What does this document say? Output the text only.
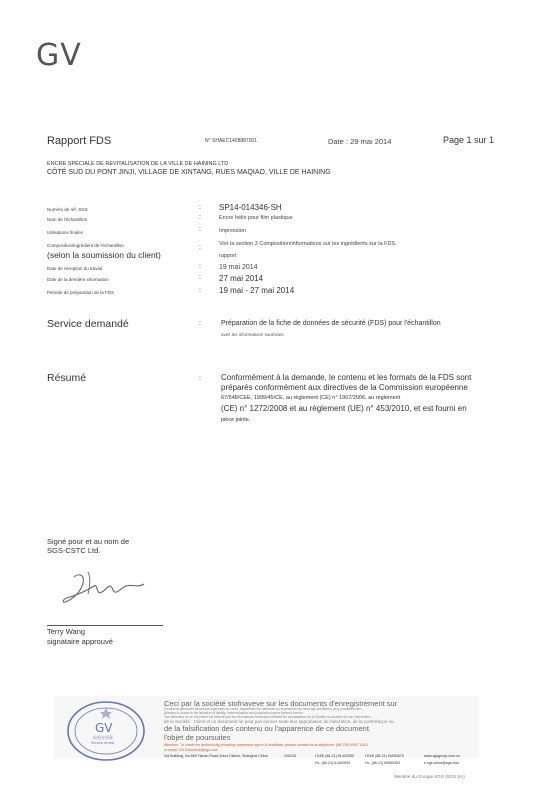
GV
Rapport FDS	N° SHAEC1408887001	Date : 29 mai 2014	Page 1 sur 1
ENCRE SPÉCIALE DE REVITALISATION DE LA VILLE DE HAINING LTD
CÔTÉ SUD DU PONT JINJI, VILLAGE DE XINTANG, RUES MAQIAO, VILLE DE HAINING
Numéro de réf. SGS	: SP14-014346-SH
Nom de l'échantillon	:	Encre hélio pour film plastique
Utilisations finales	:	Impression
Composition/ingrédient de l'échantillon	:	Voir la section 3 Composition/informations sur les ingrédients sur la FDS.
(selon la soumission du client)	rapport
Date de réception du travail	:	19 mai 2014
Date de la dernière information	: 27 mai 2014
Période de préparation de la FDS	: 19 mai - 27 mai 2014
Service demandé	:	Préparation de la fiche de données de sécurité (FDS) pour l'échantillon
avec les informations soumises.
Résumé	:	Conformément à la demande, le contenu et les formats de la FDS sont
préparés conformément aux directives de la Commission européenne
67/548/CEE, 1999/45/CE, au règlement (CE) n° 1907/2006, au règlement
(CE) n° 1272/2008 et au règlement (UE) n° 453/2010, et est fourni en
pièce jointe.
Signé pour et au nom de
SGS-CSTC Ltd.
Terry Wang
signataire approuvé
GV
检验专用章
Service de test
Ceci par la société stofnaveve sur les documents d'enregistrement sur
Conditions générales de service imprimées au verso, disponibles sur demande ou accessibles sur www.sgs.com/terms_and_conditions.htm.
Attention is drawn to the limitation of liability, indemnification and jurisdiction issues defined therein.
Tout détenteur de ce document est informé que les informations contenues reflètent les constatations de la Société au moment de son intervention.
de la Société : Client et ce document ne peut pas donner toute leur approbation de l'altération, de la contrefaçon ou
de la falsification des contenu ou l'apparence de ce document
l'objet de poursuites
Attention: To check the authenticity of testing /inspection report & certificate, please contact us at telephone: (86-755) 8307 1443,
or email: CN.Doccheck@sgs.com
3rd Building, No.889 Yishan Road Xuhui District, Shanghai China	200233	t E&E (86-21) 61402553	f E&E (86-21) 64953679	www.sgsgroup.com.cn
HL: (86-21) 61402594	HL: (86-21) 64950353	e sgs.china@sgs.com
Membre du Groupe SGS (SGS SA)
